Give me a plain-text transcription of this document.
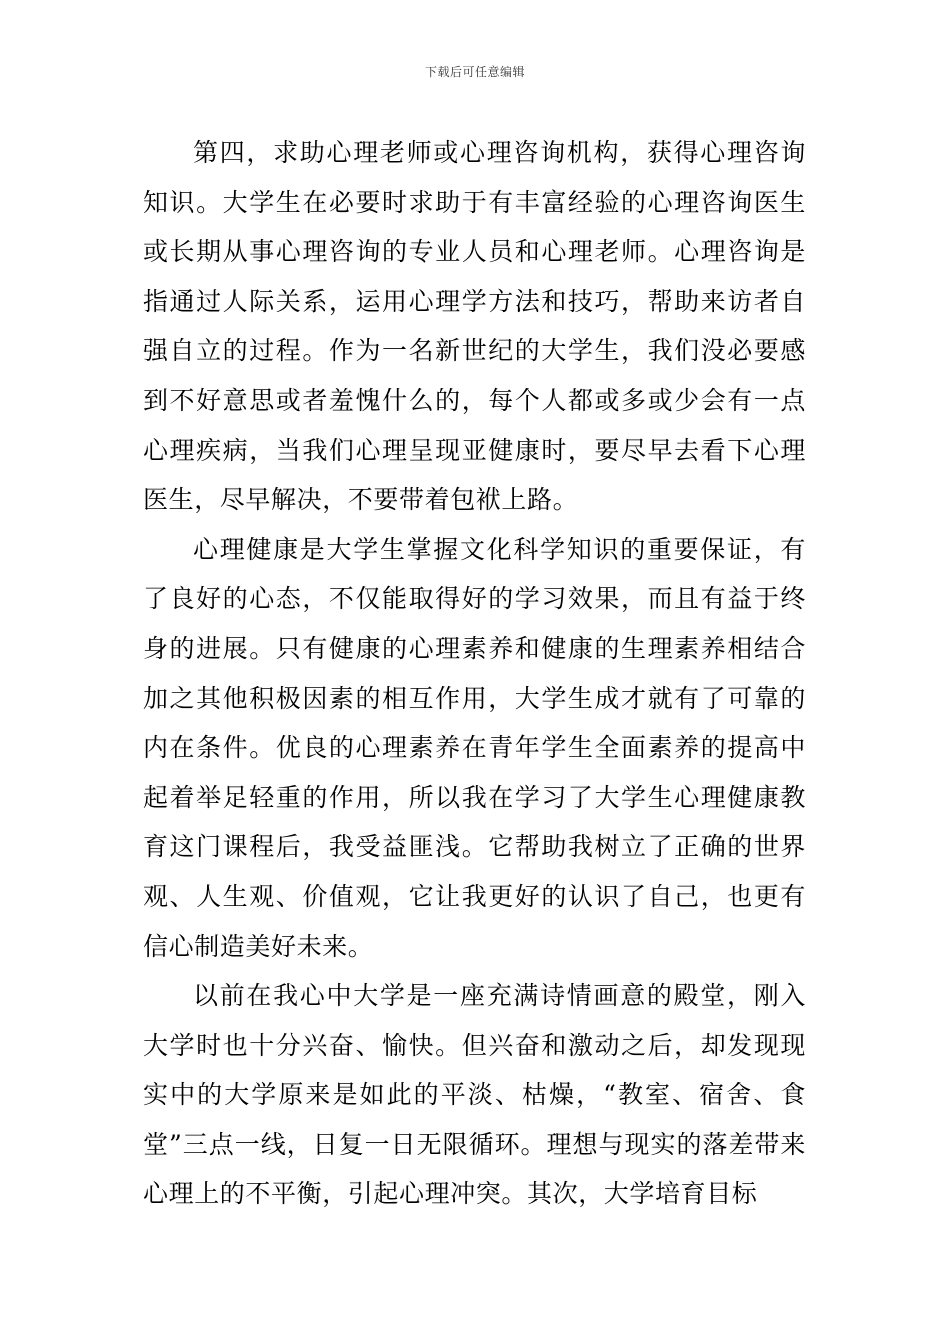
下载后可任意编辑

第四，求助心理老师或心理咨询机构，获得心理咨询知识。大学生在必要时求助于有丰富经验的心理咨询医生或长期从事心理咨询的专业人员和心理老师。心理咨询是指通过人际关系，运用心理学方法和技巧，帮助来访者自强自立的过程。作为一名新世纪的大学生，我们没必要感到不好意思或者羞愧什么的，每个人都或多或少会有一点心理疾病，当我们心理呈现亚健康时，要尽早去看下心理医生，尽早解决，不要带着包袱上路。

心理健康是大学生掌握文化科学知识的重要保证，有了良好的心态，不仅能取得好的学习效果，而且有益于终身的进展。只有健康的心理素养和健康的生理素养相结合加之其他积极因素的相互作用，大学生成才就有了可靠的内在条件。优良的心理素养在青年学生全面素养的提高中起着举足轻重的作用，所以我在学习了大学生心理健康教育这门课程后，我受益匪浅。它帮助我树立了正确的世界观、人生观、价值观，它让我更好的认识了自己，也更有信心制造美好未来。

以前在我心中大学是一座充满诗情画意的殿堂，刚入大学时也十分兴奋、愉快。但兴奋和激动之后，却发现现实中的大学原来是如此的平淡、枯燥，“教室、宿舍、食堂”三点一线，日复一日无限循环。理想与现实的落差带来心理上的不平衡，引起心理冲突。其次，大学培育目标
